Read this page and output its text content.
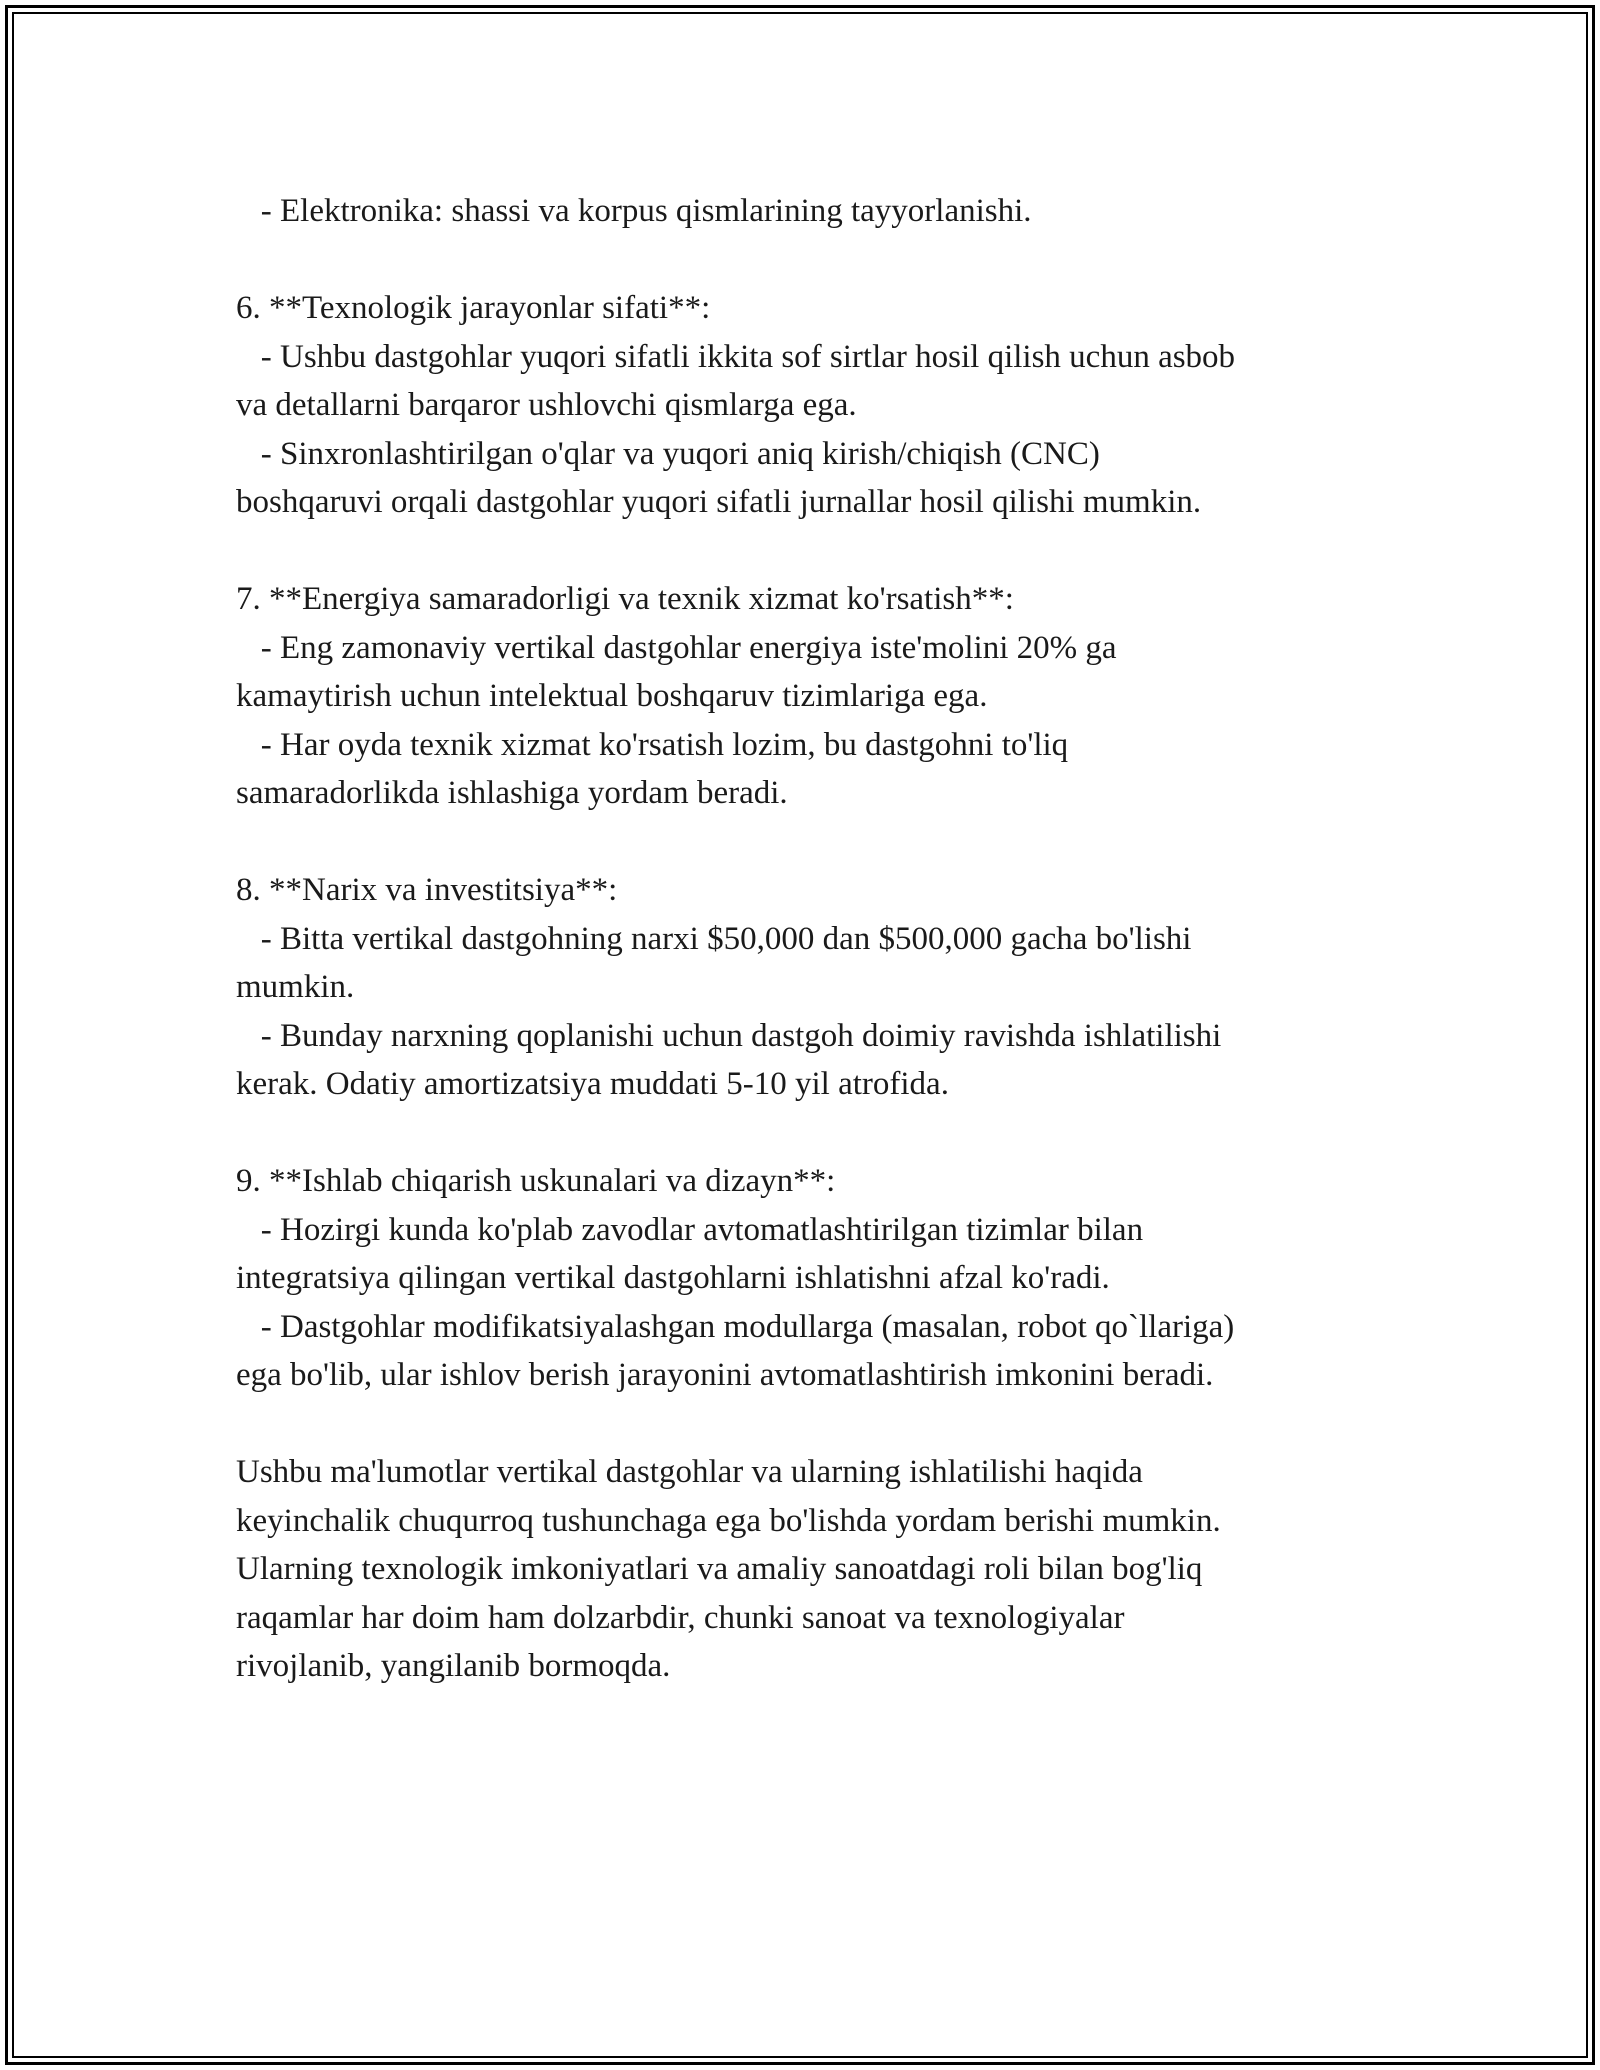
- Elektronika: shassi va korpus qismlarining tayyorlanishi.
6. **Texnologik jarayonlar sifati**:
- Ushbu dastgohlar yuqori sifatli ikkita sof sirtlar hosil qilish uchun asbob
va detallarni barqaror ushlovchi qismlarga ega.
- Sinxronlashtirilgan o'qlar va yuqori aniq kirish/chiqish (CNC)
boshqaruvi orqali dastgohlar yuqori sifatli jurnallar hosil qilishi mumkin.
7. **Energiya samaradorligi va texnik xizmat ko'rsatish**:
- Eng zamonaviy vertikal dastgohlar energiya iste'molini 20% ga
kamaytirish uchun intelektual boshqaruv tizimlariga ega.
- Har oyda texnik xizmat ko'rsatish lozim, bu dastgohni to'liq
samaradorlikda ishlashiga yordam beradi.
8. **Narix va investitsiya**:
- Bitta vertikal dastgohning narxi $50,000 dan $500,000 gacha bo'lishi
mumkin.
- Bunday narxning qoplanishi uchun dastgoh doimiy ravishda ishlatilishi
kerak. Odatiy amortizatsiya muddati 5-10 yil atrofida.
9. **Ishlab chiqarish uskunalari va dizayn**:
- Hozirgi kunda ko'plab zavodlar avtomatlashtirilgan tizimlar bilan
integratsiya qilingan vertikal dastgohlarni ishlatishni afzal ko'radi.
- Dastgohlar modifikatsiyalashgan modullarga (masalan, robot qo`llariga)
ega bo'lib, ular ishlov berish jarayonini avtomatlashtirish imkonini beradi.
Ushbu ma'lumotlar vertikal dastgohlar va ularning ishlatilishi haqida
keyinchalik chuqurroq tushunchaga ega bo'lishda yordam berishi mumkin.
Ularning texnologik imkoniyatlari va amaliy sanoatdagi roli bilan bog'liq
raqamlar har doim ham dolzarbdir, chunki sanoat va texnologiyalar
rivojlanib, yangilanib bormoqda.
